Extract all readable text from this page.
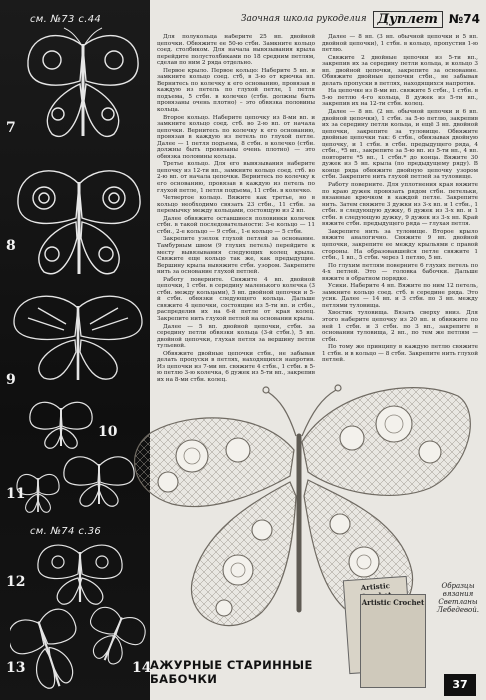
см. №73 с.44
см. №74 с.36
7
8
9
10
11
12
13	14
Заочная школа рукоделия Дуплет №74

Для полукольца наберите 25 вп. двойной цепочки. Обвяжите ее 50-ю стбн. Замкните кольцо соед. столбиком. Для начала вывязывания крыла перейдите полустолбиками по 18 средним петлям, сделав по ним 2 ряда отдельно.

Первое крыло. Первое кольцо: Наберите 5 вп. и замкните кольцо соед. стб, в 3-ю от крючка вп. Вернитесь по колечку к его основанию, провязав в каждую из петель по глухой петле, 1 петля подъема, 5 стбн. в колечко (стбн. должны быть провязаны очень плотно) – это обвязка половины кольца.

Второе кольцо. Наберите цепочку из 8-ми вп. и замкните кольцо соед. стб. во 2-ю вп. от начала цепочки. Вернитесь по колечку к его основанию, провязав в каждую из петель по глухой петле. Далее — 1 петля подъема, 8 стбн. в колечко (стбн. должны быть провязаны очень плотно) — это обвязка половины кольца.

Третье кольцо. Для его вывязывания наберите цепочку из 12-ти вп., замкните кольцо соед. стб. во 2-ю вп. от начала цепочки. Вернитесь по колечку к его основанию, провязав в каждую из петель по глухой петле, 1 петля подъема, 11 стбн. в колечко.

Четвертое кольцо. Вяжите как третье, но в кольцо необходимо связать 23 стбн., 11 стбн. за перемычку между кольцами, состоящую из 2 вп.

Далее обвяжите оставшиеся половинки колечек стбн. в такой последовательности: 3-е кольцо — 11 стбн., 2-е кольцо — 9 стбн., 1-е кольцо — 5 стбн.

Закрепите узелок глухой петлей за основание. Тамбурным швом (9 глухих петель) перейдите к месту вывязывания следующих колец крыла. Свяжите еще кольцо так же, как предыдущие. Вершину крыла вывяжите стбн. узором. Закрепите нить за основание глухой петлей.

Работу поверните. Свяжите 4 вп. двойной цепочки, 1 стбн. в середину маленького колечка (3 стбн. между кольцами), 5 вп. двойной цепочки и 5-й стбн. обвязки следующего кольца. Дальше свяжите 4 цепочки, состоящие из 5-ти вп. и стбн., распределив их на 6-й петле от края колец. Закрепите нить глухой петлей на основании крыла.

Далее — 5 вп. двойной цепочки, стбн. за середину петли обвязки кольца (3-й стбн.), 5 вп. двойной цепочки, глухая петля за вершину петли тульевой.

Обвяжите двойные цепочки стбн., не забывая делать пропуски в петлях, находящихся напротив. Из цепочки из 7-ми вп. свяжите 4 стбн., 1 стбн. в 5-ю петлю 3-ю колечка, 6 дужек из 5-ти вп., закрепив их на 8-ми стбн. колец.

Далее — 8 вп. (3 вп. обычной цепочки и 5 вп. двойной цепочки), 1 стбн. в кольцо, пропустив 1-ю петлю.

Свяжите 2 двойные цепочки из 5-ти вп., закрепив их за середину петли кольца, и кольцо 3 вп. двойной цепочки, закрепите за основание. Обвяжите двойные цепочки стбн., не забывая делать пропуски в петлях, находящихся напротив.

На цепочке из 8-ми вп. свяжите 5 стбн., 1 стбн. в 5-ю петлю 4-го кольца, 8 дужек из 5-ти вп., закрепив их на 12-ти стбн. колец.

Далее — 8 вп. (2 вп. обычной цепочки и 6 вп. двойной цепочки), 1 стбн. за 5-ю петлю, закрепив их за середину петли кольца, и ещё 3 вп. двойной цепочки, закрепите за туловище. Обвяжите двойные цепочки так: 6 стбн., обвязывая двойную цепочку, и 1 стбн. в стбн. предыдущего ряда, 4 стбн., *5 вп., закрепите за 5-ю вп. из 5-ти вп., 4 вп. повторите *5 вп., 1 стбн.* до конца. Вяжите 30 дужек из 5 вп. крыла (по предыдущему ряду). В конце ряда обвяжите двойную цепочку узором стбн. Закрепите нить глухой петлей за туловище.

Работу поверните. Для уплотнения края вяжите по краю дужек провязать рядом стбн. петельки, вязанные крючком в каждой петле. Закрепите нить. Затем свяжите 3 дужки из 3-х вп. и 1 стбн., 1 стбн. в следующую дужку, 6 дужек из 3-х вп. и 1 стбн. в следующую дужку, 9 дужек из 3-х вп. Край вяжите стбн. предыдущего ряда — глухая петля.

Закрепите нить за туловище. Второе крыло вяжите аналогично. Свяжите 9 вп. двойной цепочки, закрепите ее между крыльями с правой стороны. На образовавшейся петле свяжите 1 стбн., 1 вп., 5 стбн. через 1 петлю, 5 вп.

По глухим петлям поверните 6 глухих петель по 4-х петлей. Это — головка бабочки. Дальше вяжите в обратном порядке.

Усики. Наберите 4 вп. Вяжите по ним 12 петель, замкните кольцо соед. стб. в середине ряда. Это усик. Далее — 14 вп. и 3 стбн. по 3 вп. между петлями туловища.

Хвостик туловища. Вязать сверху вниз. Для этого наберите цепочку из 20 вп. и обвяжите по ней 1 стбн. и 3 стбн. по 3 вп., закрепите в основании туловища, 2 вп., по тем же петлям — стбн.

По тому же принципу в каждую петлю свяжите 1 стбн. и в кольцо — 8 стбн. Закрепите нить глухой петлей.

Artistic
Artistic Crochet
Образцы вязания Светланы Лебедевой.
АЖУРНЫЕ СТАРИННЫЕ БАБОЧКИ	37
